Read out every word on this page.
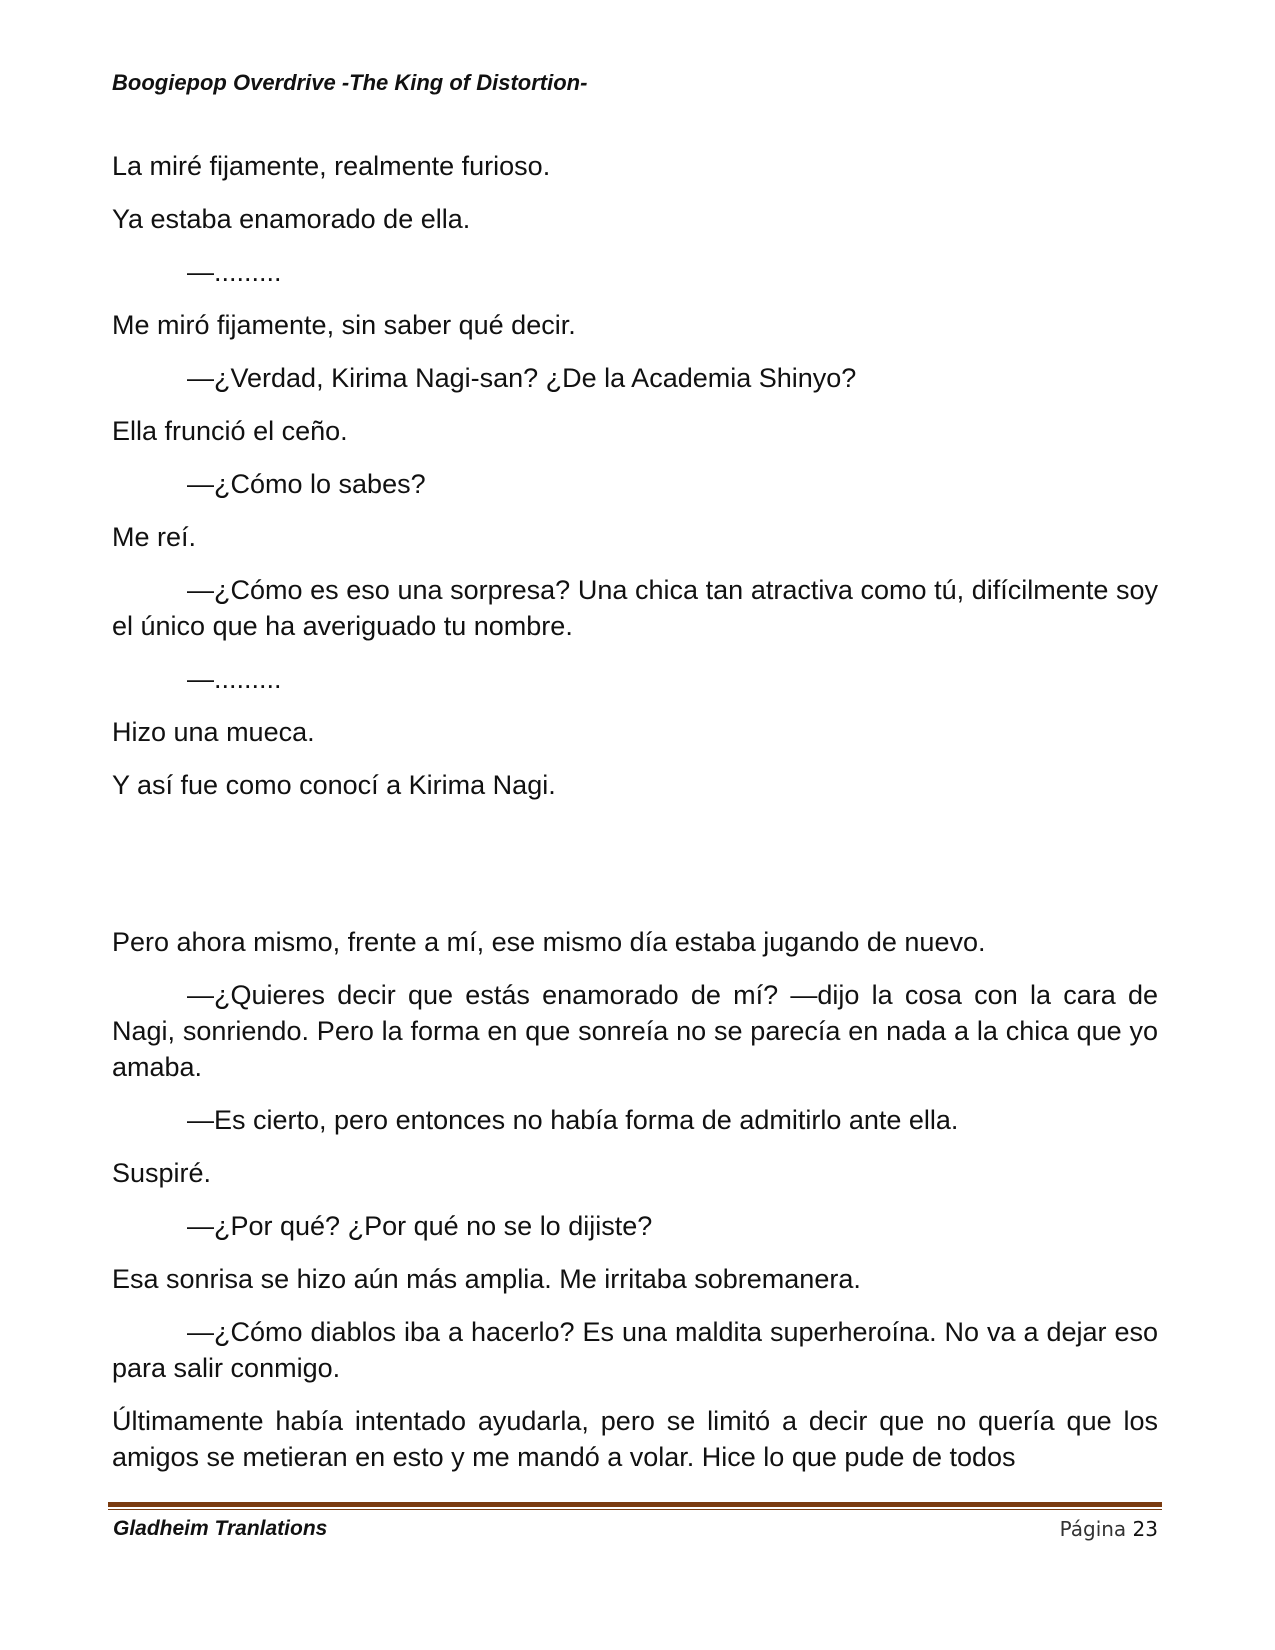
Boogiepop Overdrive -The King of Distortion-

La miré fijamente, realmente furioso.

Ya estaba enamorado de ella.

—.........

Me miró fijamente, sin saber qué decir.

—¿Verdad, Kirima Nagi-san? ¿De la Academia Shinyo?

Ella frunció el ceño.

—¿Cómo lo sabes?

Me reí.

—¿Cómo es eso una sorpresa? Una chica tan atractiva como tú, difícilmente soy el único que ha averiguado tu nombre.

—.........

Hizo una mueca.

Y así fue como conocí a Kirima Nagi.

Pero ahora mismo, frente a mí, ese mismo día estaba jugando de nuevo.

—¿Quieres decir que estás enamorado de mí? —dijo la cosa con la cara de Nagi, sonriendo. Pero la forma en que sonreía no se parecía en nada a la chica que yo amaba.

—Es cierto, pero entonces no había forma de admitirlo ante ella.

Suspiré.

—¿Por qué? ¿Por qué no se lo dijiste?

Esa sonrisa se hizo aún más amplia. Me irritaba sobremanera.

—¿Cómo diablos iba a hacerlo? Es una maldita superheroína. No va a dejar eso para salir conmigo.

Últimamente había intentado ayudarla, pero se limitó a decir que no quería que los amigos se metieran en esto y me mandó a volar. Hice lo que pude de todos

Gladheim Tranlations	Página 23
